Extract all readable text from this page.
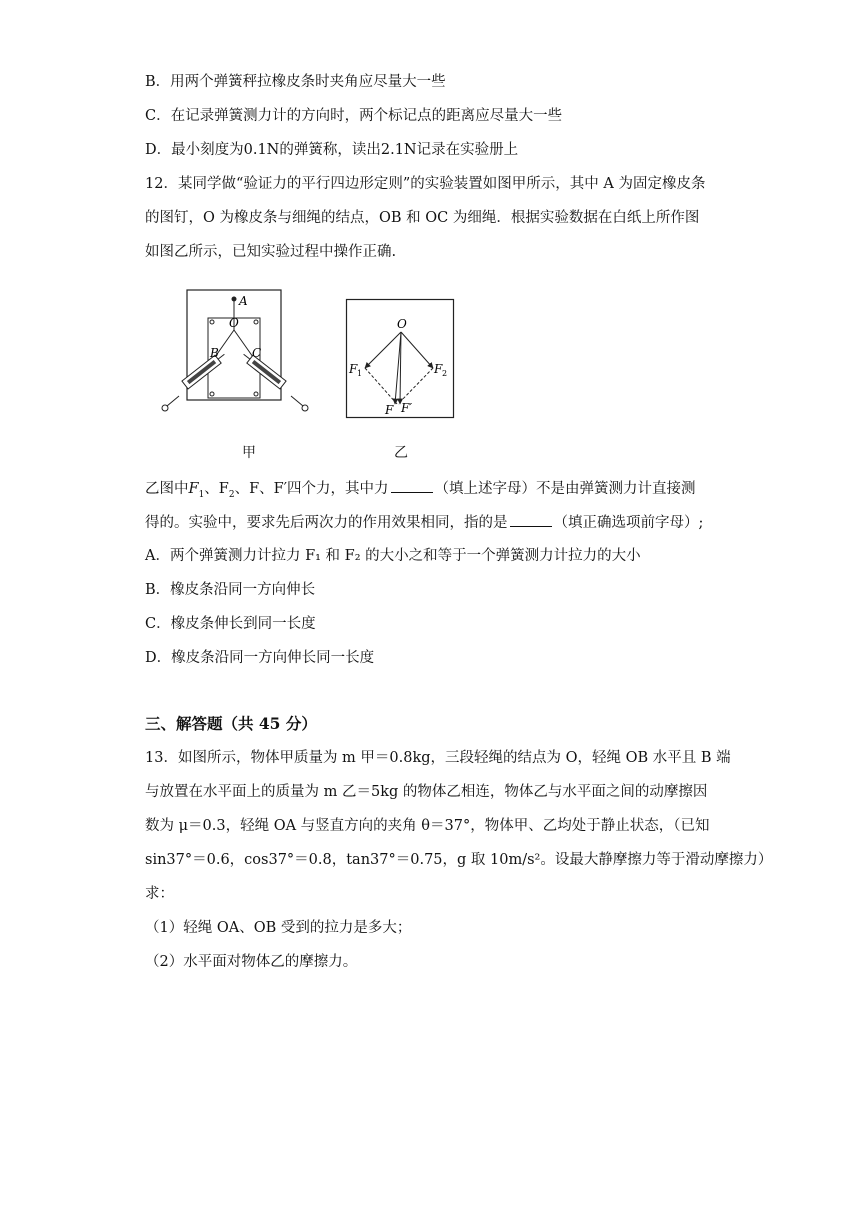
B．用两个弹簧秤拉橡皮条时夹角应尽量大一些
C．在记录弹簧测力计的方向时，两个标记点的距离应尽量大一些
D．最小刻度为0.1N的弹簧称，读出2.1N记录在实验册上
12．某同学做“验证力的平行四边形定则”的实验装置如图甲所示，其中 A 为固定橡皮条
的图钉，O 为橡皮条与细绳的结点，OB 和 OC 为细绳．根据实验数据在白纸上所作图
如图乙所示，已知实验过程中操作正确.
A
O
B	C
O
F 1	F 2
F F′
甲	乙
乙图中$F_1$、$F_2$、F、F′四个力，其中力	（填上述字母）不是由弹簧测力计直接测
得的。实验中，要求先后两次力的作用效果相同，指的是	（填正确选项前字母）;
A．两个弹簧测力计拉力 F₁ 和 F₂ 的大小之和等于一个弹簧测力计拉力的大小
B．橡皮条沿同一方向伸长
C．橡皮条伸长到同一长度
D．橡皮条沿同一方向伸长同一长度
三、解答题（共 45 分）
13．如图所示，物体甲质量为 m 甲＝0.8kg，三段轻绳的结点为 O，轻绳 OB 水平且 B 端
与放置在水平面上的质量为 m 乙＝5kg 的物体乙相连，物体乙与水平面之间的动摩擦因
数为 μ＝0.3，轻绳 OA 与竖直方向的夹角 θ＝37°，物体甲、乙均处于静止状态，（已知
sin37°＝0.6，cos37°＝0.8，tan37°＝0.75，g 取 10m/s²。设最大静摩擦力等于滑动摩擦力）
求：
（1）轻绳 OA、OB 受到的拉力是多大；
（2）水平面对物体乙的摩擦力。
